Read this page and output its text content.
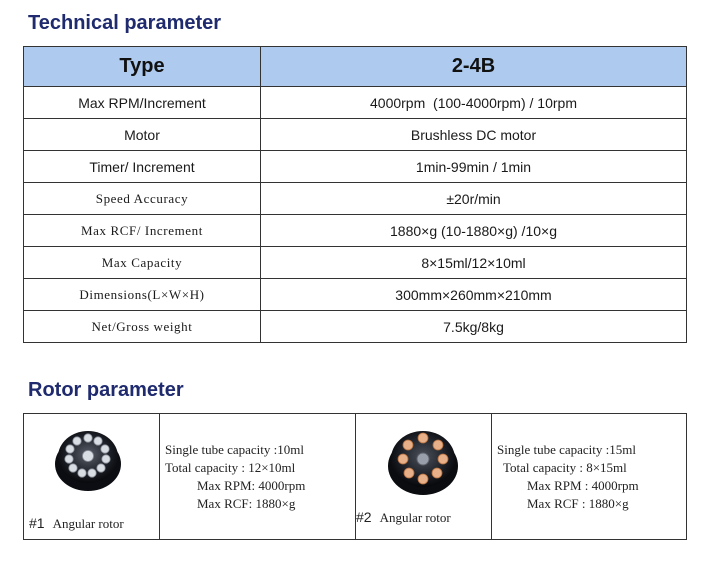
Technical parameter
Type	2-4B
Max RPM/Increment	4000rpm  (100-4000rpm) / 10rpm
Motor	Brushless DC motor
Timer/ Increment	1min-99min / 1min
Speed Accuracy	±20r/min
Max RCF/ Increment	1880×g (10-1880×g) /10×g
Max Capacity	8×15ml/12×10ml
Dimensions(L×W×H)	300mm×260mm×210mm
Net/Gross weight	7.5kg/8kg
Rotor parameter
#1 Angular rotor

Single tube capacity :10ml
Total capacity : 12×10ml
Max RPM: 4000rpm
Max RCF: 1880×g

#2 Angular rotor

Single tube capacity :15ml
Total capacity : 8×15ml
Max RPM : 4000rpm
Max RCF : 1880×g
